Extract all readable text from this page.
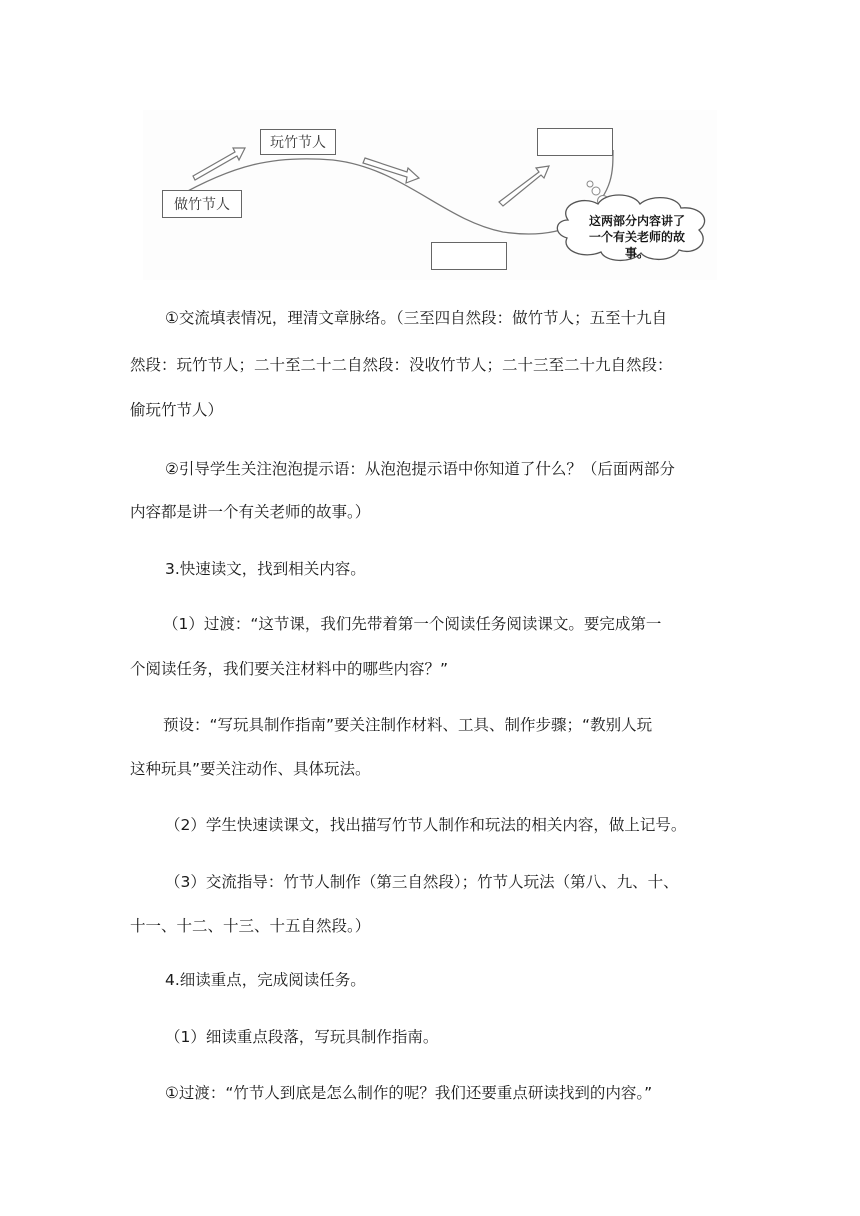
做竹节人
玩竹节人
这两部分内容讲了
一个有关老师的故事。
①交流填表情况，理清文章脉络。（三至四自然段：做竹节人；五至十九自
然段：玩竹节人；二十至二十二自然段：没收竹节人；二十三至二十九自然段：
偷玩竹节人）
②引导学生关注泡泡提示语：从泡泡提示语中你知道了什么？（后面两部分
内容都是讲一个有关老师的故事。）
3.快速读文，找到相关内容。
（1）过渡：“这节课，我们先带着第一个阅读任务阅读课文。要完成第一
个阅读任务，我们要关注材料中的哪些内容？”
预设：“写玩具制作指南”要关注制作材料、工具、制作步骤；“教别人玩
这种玩具”要关注动作、具体玩法。
（2）学生快速读课文，找出描写竹节人制作和玩法的相关内容，做上记号。
（3）交流指导：竹节人制作（第三自然段）；竹节人玩法（第八、九、十、
十一、十二、十三、十五自然段。）
4.细读重点，完成阅读任务。
（1）细读重点段落，写玩具制作指南。
①过渡：“竹节人到底是怎么制作的呢？我们还要重点研读找到的内容。”
